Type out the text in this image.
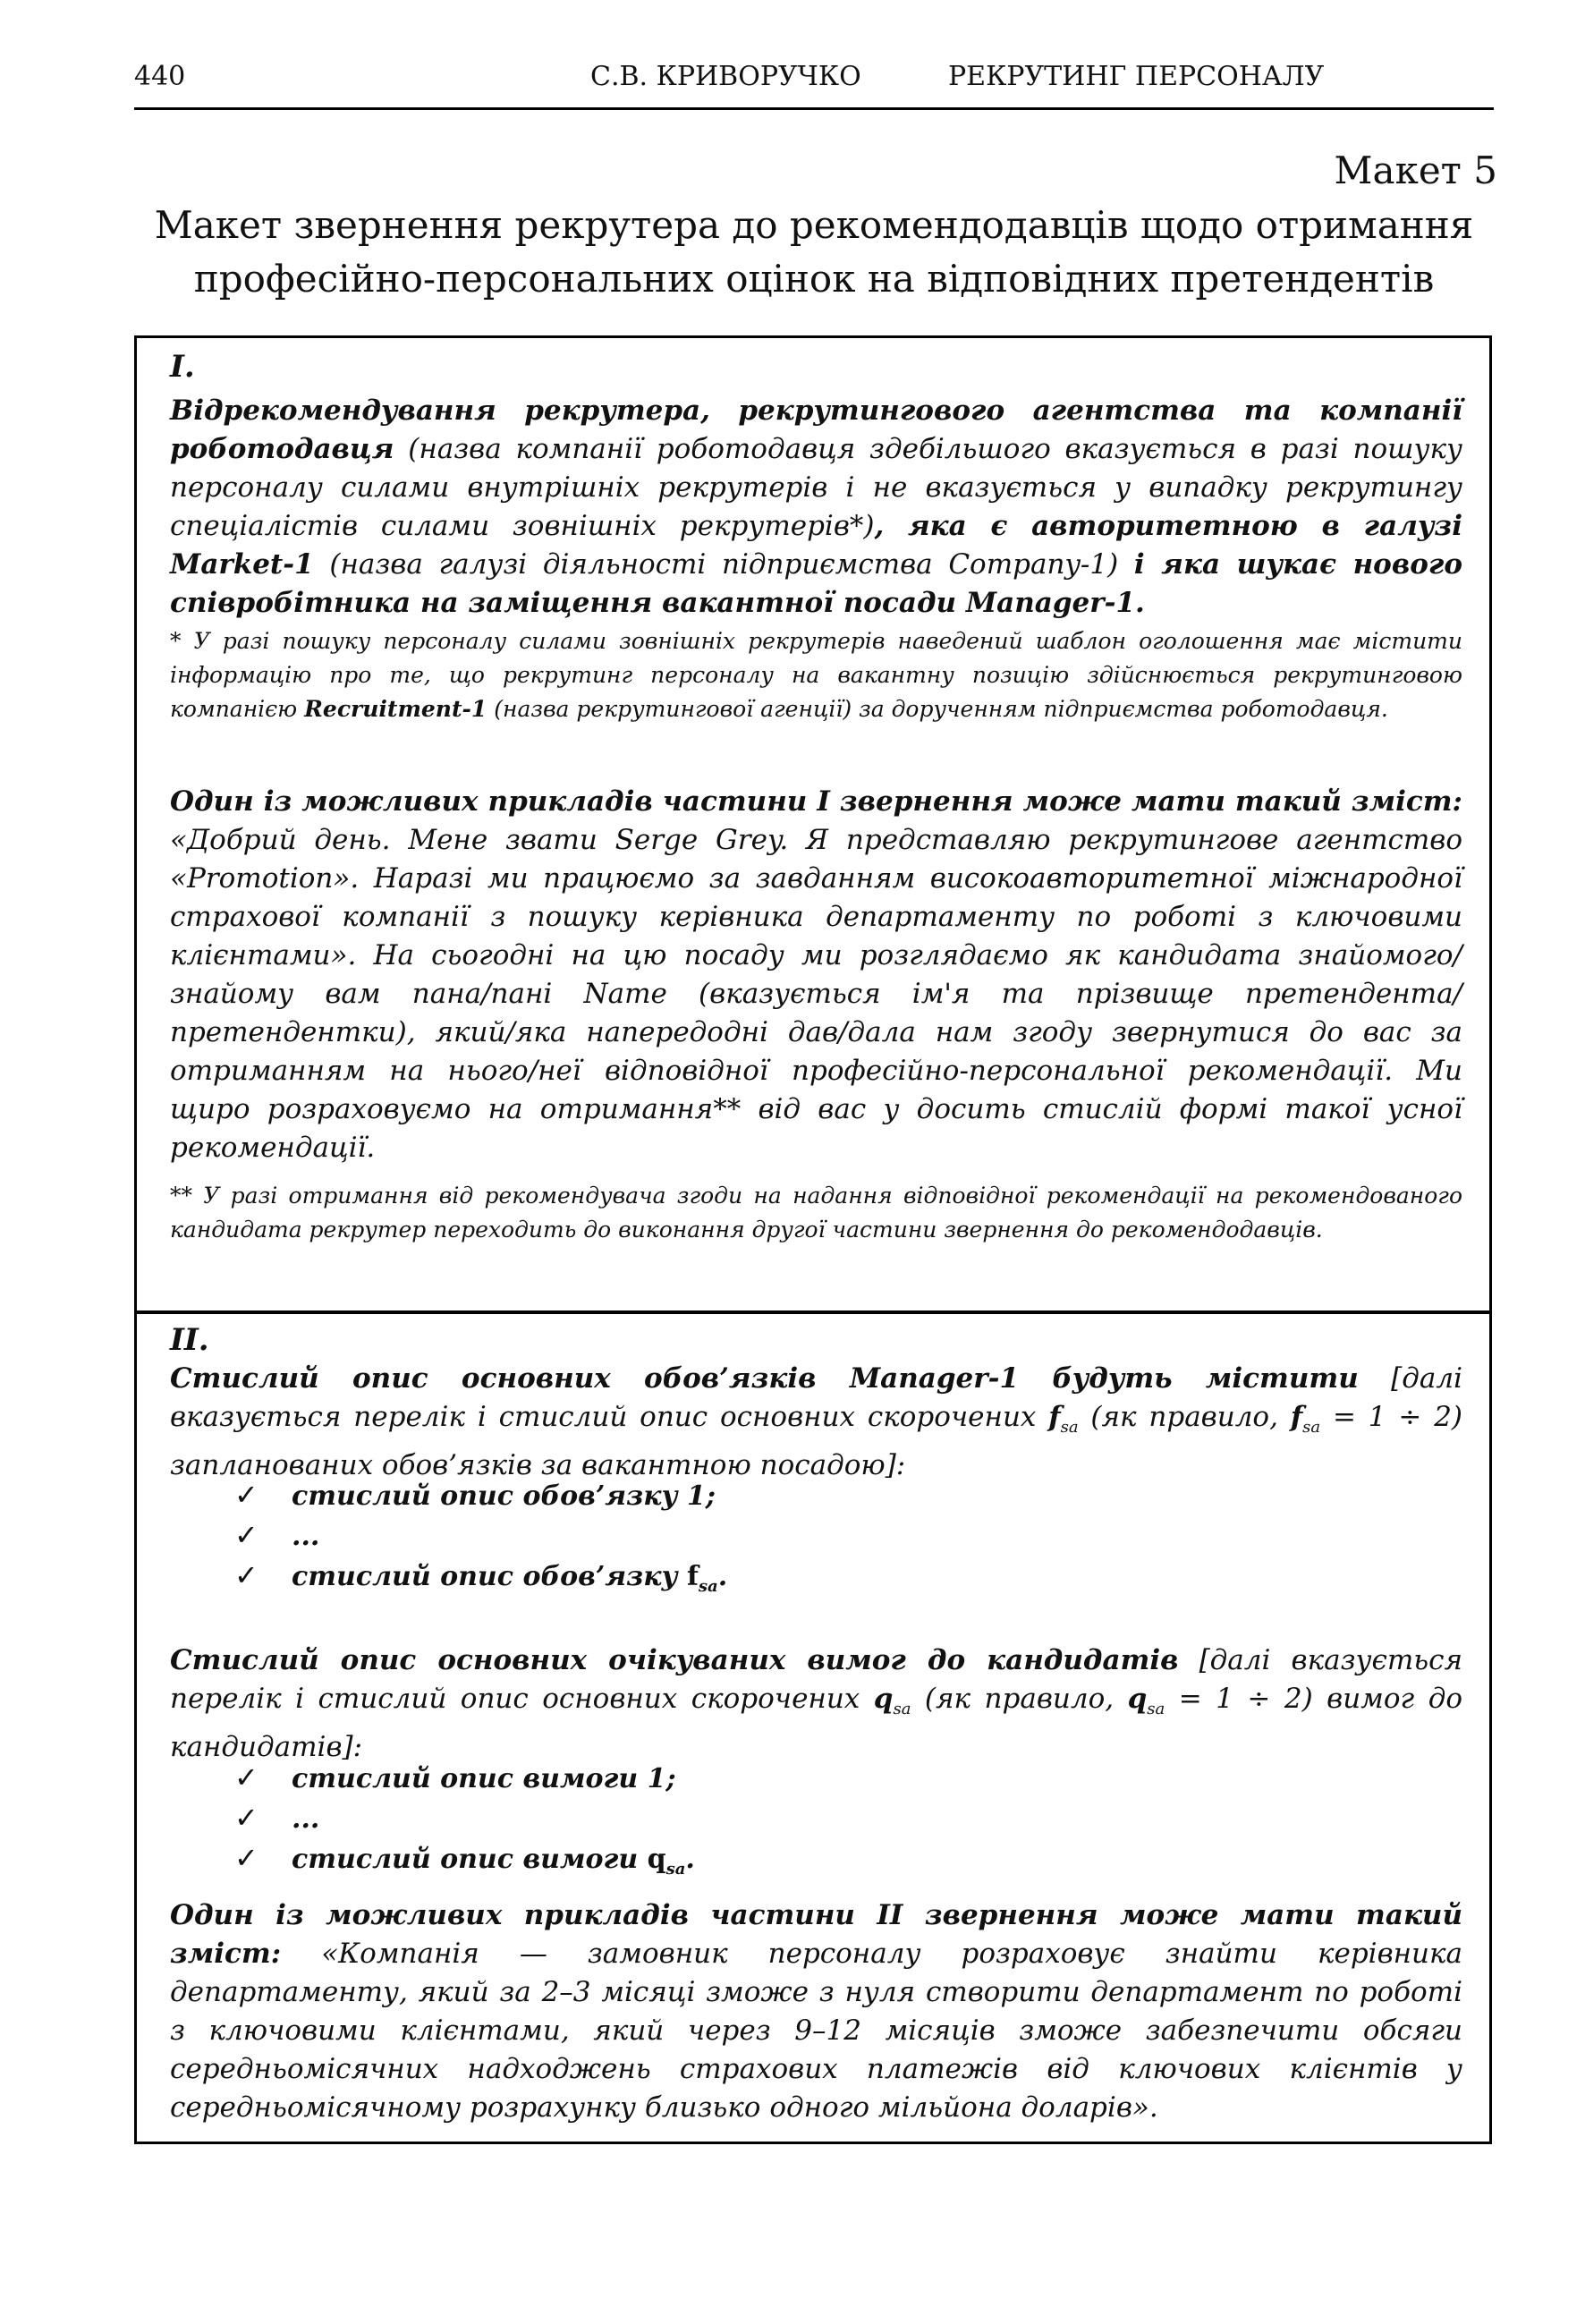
440	С.В. КРИВОРУЧКО	РЕКРУТИНГ ПЕРСОНАЛУ
Макет 5
Макет звернення рекрутера до рекомендодавців щодо отримання
професійно-персональних оцінок на відповідних претендентів

I.

Відрекомендування рекрутера, рекрутингового агентства та компанії роботодавця (назва компанії роботодавця здебільшого вказується в разі пошуку персоналу силами внутрішніх рекрутерів і не вказується у випадку рекрутингу спеціалістів силами зовнішніх рекрутерів*), яка є авторитетною в галузі Market-1 (назва галузі діяльності підприємства Company-1) і яка шукає нового співробітника на заміщення вакантної посади Manager-1.

* У разі пошуку персоналу силами зовнішніх рекрутерів наведений шаблон оголошення має містити інформацію про те, що рекрутинг персоналу на вакантну позицію здійснюється рекрутинговою компанією Recruitment-1 (назва рекрутингової агенції) за дорученням підприємства роботодавця.

Один із можливих прикладів частини I звернення може мати такий зміст: «Добрий день. Мене звати Serge Grey. Я представляю рекрутингове агентство «Promotion». Наразі ми працюємо за завданням високоавторитетної міжнародної страхової компанії з пошуку керівника департаменту по роботі з ключовими клієнтами». На сьогодні на цю посаду ми розглядаємо як кандидата знайомого/знайому вам пана/пані Name (вказується ім'я та прізвище претендента/претендентки), який/яка напередодні дав/дала нам згоду звернутися до вас за отриманням на нього/неї відповідної професійно-персональної рекомендації. Ми щиро розраховуємо на отримання** від вас у досить стислій формі такої усної рекомендації.

** У разі отримання від рекомендувача згоди на надання відповідної рекомендації на рекомендованого кандидата рекрутер переходить до виконання другої частини звернення до рекомендодавців.

II.

Стислий опис основних обов’язків Manager-1 будуть містити [далі вказується перелік і стислий опис основних скорочених $f_{sa}$ (як правило, $f_{sa} = 1 \div 2$) запланованих обов’язків за вакантною посадою]:

✓ стислий опис обов’язку 1;
✓ ...
✓ стислий опис обов’язку $f_{sa}$.

Стислий опис основних очікуваних вимог до кандидатів [далі вказується перелік і стислий опис основних скорочених $q_{sa}$ (як правило, $q_{sa} = 1 \div 2$) вимог до кандидатів]:

✓ стислий опис вимоги 1;
✓ ...
✓ стислий опис вимоги $q_{sa}$.

Один із можливих прикладів частини II звернення може мати такий зміст: «Компанія — замовник персоналу розраховує знайти керівника департаменту, який за 2–3 місяці зможе з нуля створити департамент по роботі з ключовими клієнтами, який через 9–12 місяців зможе забезпечити обсяги середньомісячних надходжень страхових платежів від ключових клієнтів у середньомісячному розрахунку близько одного мільйона доларів».
